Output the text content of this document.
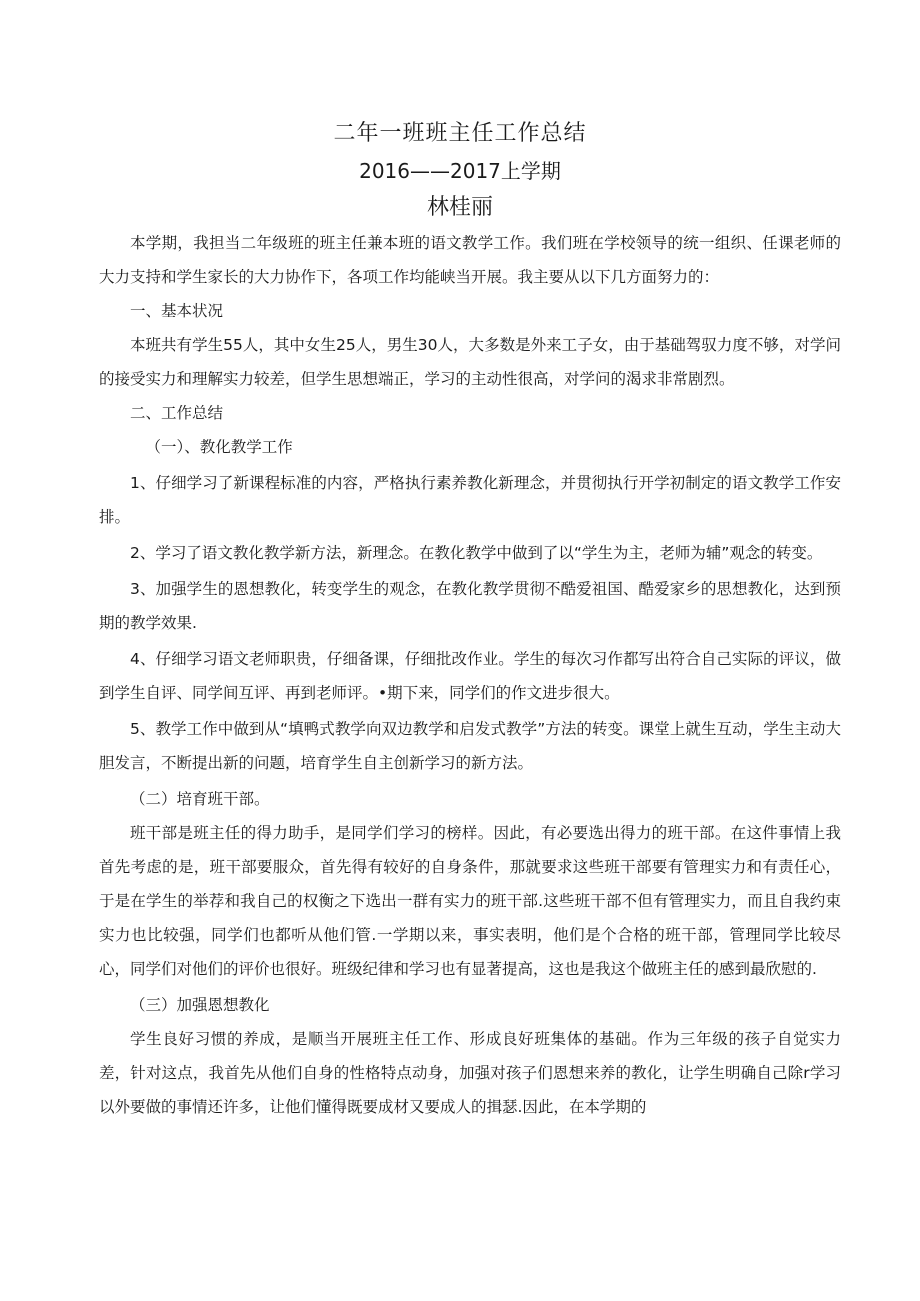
二年一班班主任工作总结
2016——2017上学期
林桂丽

本学期，我担当二年级班的班主任兼本班的语文教学工作。我们班在学校领导的统一组织、任课老师的大力支持和学生家长的大力协作下，各项工作均能峡当开展。我主要从以下几方面努力的：

一、基本状况

本班共有学生55人，其中女生25人，男生30人，大多数是外来工子女，由于基础驾驭力度不够，对学问的接受实力和理解实力较差，但学生思想端正，学习的主动性很高，对学问的渴求非常剧烈。

二、工作总结

（一）、教化教学工作

1、仔细学习了新课程标准的内容，严格执行素养教化新理念，并贯彻执行开学初制定的语文教学工作安排。

2、学习了语文教化教学新方法，新理念。在教化教学中做到了以“学生为主，老师为辅”观念的转变。

3、加强学生的恩想教化，转变学生的观念，在教化教学贯彻不酷爱祖国、酷爱家乡的思想教化，达到预期的教学效果.

4、仔细学习语文老师职贵，仔细备课，仔细批改作业。学生的每次习作都写出符合自己实际的评议，做到学生自评、同学间互评、再到老师评。•期下来，同学们的作文进步很大。

5、教学工作中做到从“填鸭式教学向双边教学和启发式教学”方法的转变。课堂上就生互动，学生主动大胆发言，不断提出新的问题，培育学生自主创新学习的新方法。

（二）培育班干部。

班干部是班主任的得力助手，是同学们学习的榜样。因此，有必要选出得力的班干部。在这件事情上我首先考虑的是，班干部要服众，首先得有较好的自身条件，那就要求这些班干部要有管理实力和有责任心，于是在学生的举荐和我自己的权衡之下选出一群有实力的班干部.这些班干部不但有管理实力，而且自我约束实力也比较强，同学们也都听从他们管.一学期以来，事实表明，他们是个合格的班干部，管理同学比较尽心，同学们对他们的评价也很好。班级纪律和学习也有显著提高，这也是我这个做班主任的感到最欣慰的.

（三）加强恩想教化

学生良好习惯的养成，是顺当开展班主任工作、形成良好班集体的基础。作为三年级的孩子自觉实力差，针对这点，我首先从他们自身的性格特点动身，加强对孩子们恩想来养的教化，让学生明确自己除r学习以外要做的事情还许多，让他们懂得既要成材又要成人的揖瑟.因此，在本学期的
